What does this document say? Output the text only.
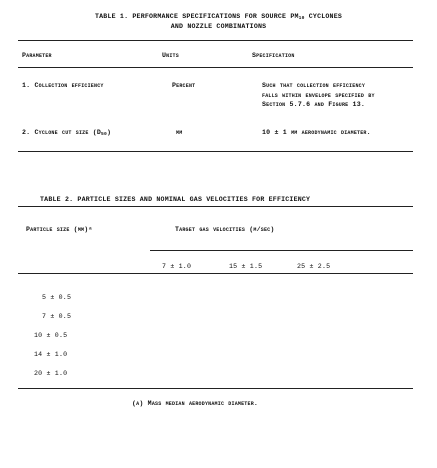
TABLE 1. PERFORMANCE SPECIFICATIONS FOR SOURCE $PM_{10}$ CYCLONES
AND NOZZLE COMBINATIONS
Parameter	Units	Specification
1. Collection efficiency	Percent	Such that collection efficiency
falls within envelope specified by
Section 5.7.6 and Figure 13.
2. Cyclone cut size $(D_{50})$	µm	10 ± 1 µm aerodynamic diameter.
TABLE 2. PARTICLE SIZES AND NOMINAL GAS VELOCITIES FOR EFFICIENCY
Particle size (µm)ᵃ	Target gas velocities (m/sec)
7 ± 1.0	15 ± 1.5	25 ± 2.5
5 ± 0.5
7 ± 0.5
10 ± 0.5
14 ± 1.0
20 ± 1.0
(a) Mass median aerodynamic diameter.
